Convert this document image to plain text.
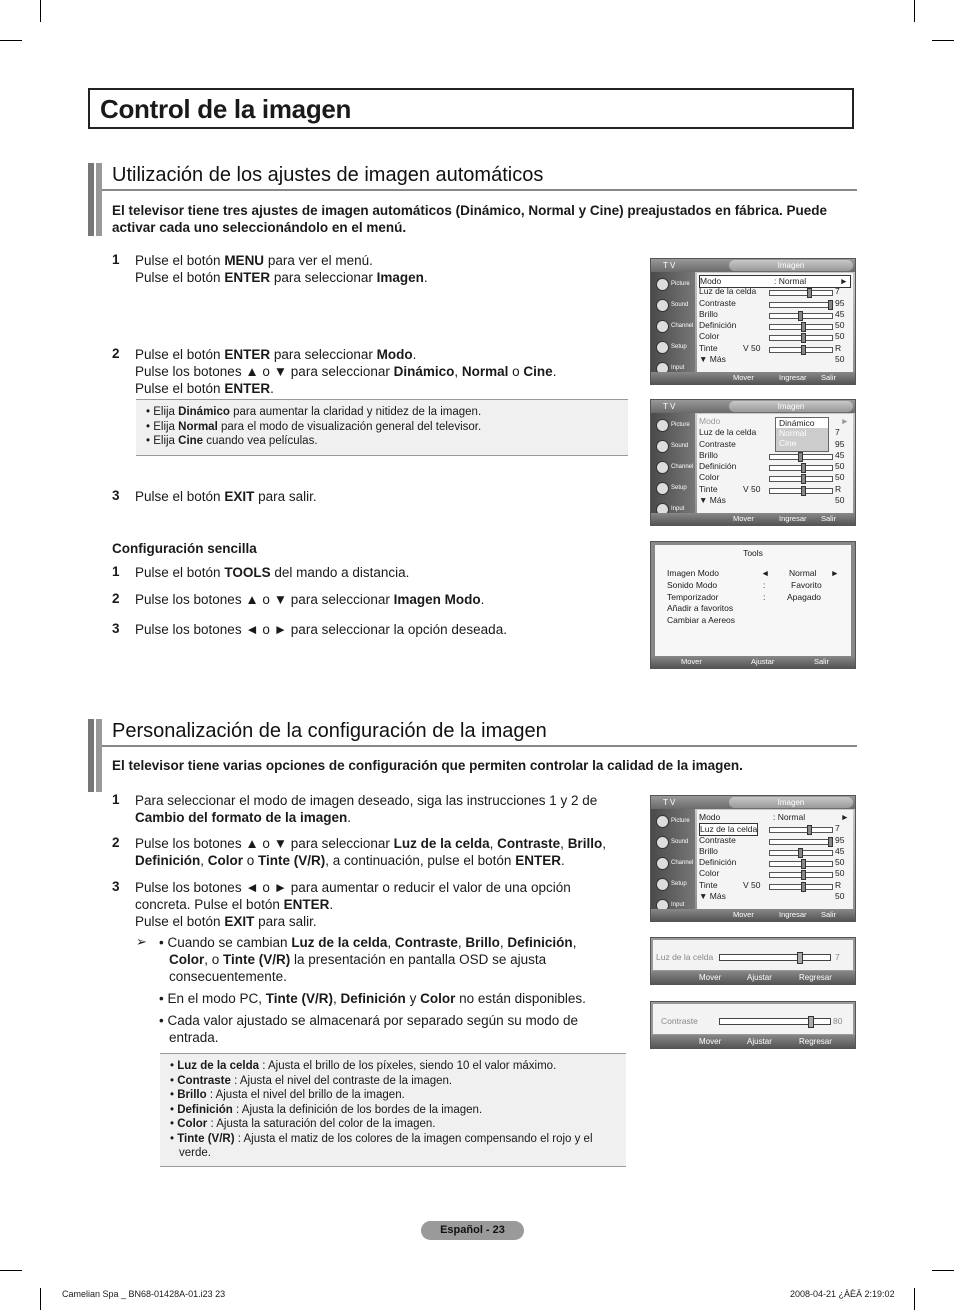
Control de la imagen
Utilización de los ajustes de imagen automáticos
El televisor tiene tres ajustes de imagen automáticos (Dinámico, Normal y Cine) preajustados en fábrica. Puede activar cada uno seleccionándolo en el menú.
1 Pulse el botón MENU para ver el menú.
Pulse el botón ENTER para seleccionar Imagen.
2 Pulse el botón ENTER para seleccionar Modo.
Pulse los botones ▲ o ▼ para seleccionar Dinámico, Normal o Cine.
Pulse el botón ENTER.
• Elija Dinámico para aumentar la claridad y nitidez de la imagen.
• Elija Normal para el modo de visualización general del televisor.
• Elija Cine cuando vea películas.
3 Pulse el botón EXIT para salir.
Configuración sencilla
1 Pulse el botón TOOLS del mando a distancia.
2 Pulse los botones ▲ o ▼ para seleccionar Imagen Modo.
3 Pulse los botones ◄ o ► para seleccionar la opción deseada.
T V	Imagen
Picture
Sound
Channel
Setup
Input
Modo	: Normal	►
Luz de la celda	7
Contraste	95
Brillo	45
Definición	50
Color	50
Tinte	V 50	R 50
▼ Más
Mover	Ingresar Salir
T V	Imagen
Picture
Sound
Channel
Setup
Input
Modo	►
Luz de la celda	7
Contraste	95
Brillo	45
Definición	50
Color	50
Tinte	V 50	R 50
▼ Más
Dinámico
Normal
Cine
Mover	Ingresar Salir
Tools
Imagen Modo	◄ Normal ►
Sonido Modo	:	Favorito
Temporizador	:	Apagado
Añadir a favoritos
Cambiar a Aereos
Mover	Ajustar	Salir
Personalización de la configuración de la imagen
El televisor tiene varias opciones de configuración que permiten controlar la calidad de la imagen.
1 Para seleccionar el modo de imagen deseado, siga las instrucciones 1 y 2 de
Cambio del formato de la imagen.
2 Pulse los botones ▲ o ▼ para seleccionar Luz de la celda, Contraste, Brillo,
Definición, Color o Tinte (V/R), a continuación, pulse el botón ENTER.
3 Pulse los botones ◄ o ► para aumentar o reducir el valor de una opción
concreta. Pulse el botón ENTER.
Pulse el botón EXIT para salir.
➢ • Cuando se cambian Luz de la celda, Contraste, Brillo, Definición,
Color, o Tinte (V/R) la presentación en pantalla OSD se ajusta
consecuentemente.
• En el modo PC, Tinte (V/R), Definición y Color no están disponibles.
• Cada valor ajustado se almacenará por separado según su modo de
entrada.
• Luz de la celda : Ajusta el brillo de los píxeles, siendo 10 el valor máximo.
• Contraste : Ajusta el nivel del contraste de la imagen.
• Brillo : Ajusta el nivel del brillo de la imagen.
• Definición : Ajusta la definición de los bordes de la imagen.
• Color : Ajusta la saturación del color de la imagen.
• Tinte (V/R) : Ajusta el matiz de los colores de la imagen compensando el rojo y el
verde.
T V	Imagen
Picture
Sound
Channel
Setup
Input
Modo	: Normal	►
Luz de la celda	7
Contraste	95
Brillo	45
Definición	50
Color	50
Tinte	V 50	R 50
▼ Más
Mover	Ingresar Salir
Luz de la celda	7
Mover	Ajustar	Regresar
Contraste	80
Mover	Ajustar	Regresar
Español - 23
Camelian Spa _ BN68-01428A-01.i23 23	2008-04-21 ¿ÀÈÄ 2:19:02
